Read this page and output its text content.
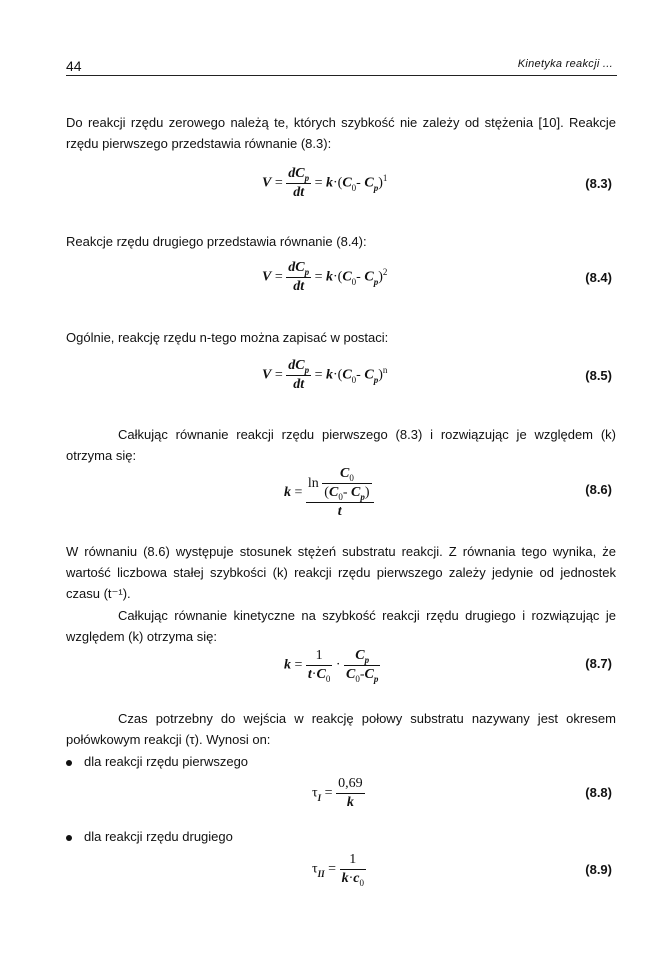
44	Kinetyka reakcji ...
Do reakcji rzędu zerowego należą te, których szybkość nie zależy od stężenia [10]. Reakcje rzędu pierwszego przedstawia równanie (8.3):
$V = \frac{dC_p}{dt} = k\cdot(C_0-$ $C_p)^1$	(8.3)
Reakcje rzędu drugiego przedstawia równanie (8.4):
$V = \frac{dC_p}{dt} = k\cdot(C_0-$ $C_p)^2$	(8.4)
Ogólnie, reakcję rzędu n-tego można zapisać w postaci:
$V = \frac{dC_p}{dt} = k\cdot(C_0-$ $C_p)^n$	(8.5)
Całkując równanie reakcji rzędu pierwszego (8.3) i rozwiązując je względem (k) otrzyma się:
$k = \frac{\ln \frac{C_0}{(C_0- C_p)}}{t}$	(8.6)
W równaniu (8.6) występuje stosunek stężeń substratu reakcji. Z równania tego wynika, że wartość liczbowa stałej szybkości (k) reakcji rzędu pierwszego zależy jedynie od jednostek czasu (t⁻¹).
Całkując równanie kinetyczne na szybkość reakcji rzędu drugiego i rozwiązując je względem (k) otrzyma się:
$k = \frac{1}{t\cdot C_0} \cdot \frac{C_p}{C_0-C_p}$	(8.7)
Czas potrzebny do wejścia w reakcję połowy substratu nazywany jest okresem połówkowym reakcji (τ). Wynosi on:
dla reakcji rzędu pierwszego
$\tau_I = \frac{0,69}{k}$	(8.8)
dla reakcji rzędu drugiego
$\tau_{II} = \frac{1}{k\cdot c_0}$	(8.9)
